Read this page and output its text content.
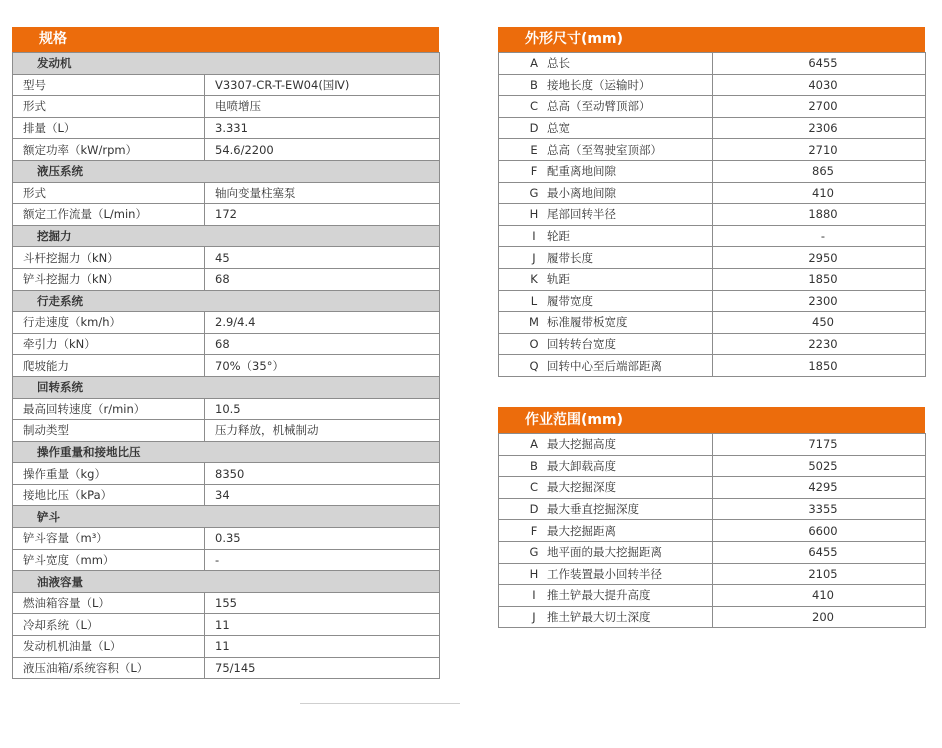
规格
发动机	
型号	V3307-CR-T-EW04(国Ⅳ)
形式	电喷增压
排量（L）	3.331
额定功率（kW/rpm）	54.6/2200
液压系统	
形式	轴向变量柱塞泵
额定工作流量（L/min）	172
挖掘力	
斗杆挖掘力（kN）	45
铲斗挖掘力（kN）	68
行走系统	
行走速度（km/h）	2.9/4.4
牵引力（kN）	68
爬坡能力	70%（35°）
回转系统	
最高回转速度（r/min）	10.5
制动类型	压力释放，机械制动
操作重量和接地比压	
操作重量（kg）	8350
接地比压（kPa）	34
铲斗	
铲斗容量（m³）	0.35
铲斗宽度（mm）	-
油液容量	
燃油箱容量（L）	155
冷却系统（L）	11
发动机机油量（L）	11
液压油箱/系统容积（L）	75/145
外形尺寸(mm)
A 总长	6455
B 接地长度（运输时）	4030
C 总高（至动臂顶部）	2700
D 总宽	2306
E 总高（至驾驶室顶部）	2710
F 配重离地间隙	865
G 最小离地间隙	410
H 尾部回转半径	1880
I 轮距	-
J 履带长度	2950
K 轨距	1850
L 履带宽度	2300
M 标准履带板宽度	450
O 回转转台宽度	2230
Q 回转中心至后端部距离	1850
作业范围(mm)
A 最大挖掘高度	7175
B 最大卸载高度	5025
C 最大挖掘深度	4295
D 最大垂直挖掘深度	3355
F 最大挖掘距离	6600
G 地平面的最大挖掘距离	6455
H 工作装置最小回转半径	2105
I 推土铲最大提升高度	410
J 推土铲最大切土深度	200
